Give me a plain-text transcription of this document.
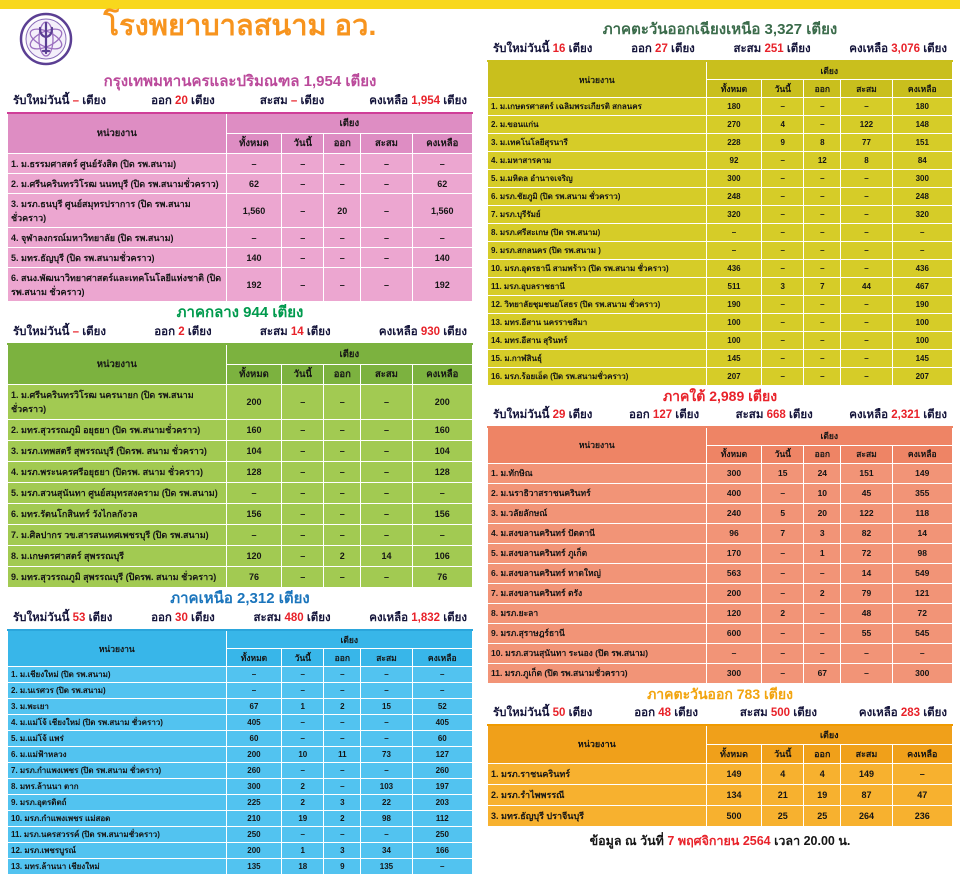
โรงพยาบาลสนาม อว.
กรุงเทพมหานครและปริมณฑล 1,954 เตียง
รับใหม่วันนี้ – เตียง	ออก 20 เตียง	สะสม – เตียง	คงเหลือ 1,954 เตียง
หน่วยงาน	เตียง				
	ทั้งหมด	วันนี้	ออก	สะสม	คงเหลือ
1. ม.ธรรมศาสตร์ ศูนย์รังสิต (ปิด รพ.สนาม)	–	–	–	–	–
2. ม.ศรีนครินทรวิโรฒ นนทบุรี (ปิด รพ.สนามชั่วคราว)	62	–	–	–	62
3. มรภ.ธนบุรี ศูนย์สมุทรปราการ (ปิด รพ.สนามชั่วคราว)	1,560	–	20	–	1,560
4. จุฬาลงกรณ์มหาวิทยาลัย (ปิด รพ.สนาม)	–	–	–	–	–
5. มทร.ธัญบุรี (ปิด รพ.สนามชั่วคราว)	140	–	–	–	140
6. สนง.พัฒนาวิทยาศาสตร์และเทคโนโลยีแห่งชาติ (ปิด รพ.สนาม ชั่วคราว)	192	–	–	–	192
ภาคกลาง 944 เตียง
รับใหม่วันนี้ – เตียง	ออก 2 เตียง	สะสม 14 เตียง	คงเหลือ 930 เตียง
หน่วยงาน	เตียง				
	ทั้งหมด	วันนี้	ออก	สะสม	คงเหลือ
1. ม.ศรีนครินทรวิโรฒ นครนายก (ปิด รพ.สนามชั่วคราว)	200	–	–	–	200
2. มทร.สุวรรณภูมิ อยุธยา (ปิด รพ.สนามชั่วคราว)	160	–	–	–	160
3. มรภ.เทพสตรี สุพรรณบุรี (ปิดรพ. สนาม ชั่วคราว)	104	–	–	–	104
4. มรภ.พระนครศรีอยุธยา (ปิดรพ. สนาม ชั่วคราว)	128	–	–	–	128
5. มรภ.สวนสุนันทา ศูนย์สมุทรสงคราม (ปิด รพ.สนาม)	–	–	–	–	–
6. มทร.รัตนโกสินทร์ วังไกลกังวล	156	–	–	–	156
7. ม.ศิลปากร วข.สารสนเทศเพชรบุรี (ปิด รพ.สนาม)	–	–	–	–	–
8. ม.เกษตรศาสตร์ สุพรรณบุรี	120	–	2	14	106
9. มทร.สุวรรณภูมิ สุพรรณบุรี (ปิดรพ. สนาม ชั่วคราว)	76	–	–	–	76
ภาคเหนือ 2,312 เตียง
รับใหม่วันนี้ 53 เตียง	ออก 30 เตียง	สะสม 480 เตียง	คงเหลือ 1,832 เตียง
หน่วยงาน	เตียง				
	ทั้งหมด	วันนี้	ออก	สะสม	คงเหลือ
1. ม.เชียงใหม่ (ปิด รพ.สนาม)	–	–	–	–	–
2. ม.นเรศวร (ปิด รพ.สนาม)	–	–	–	–	–
3. ม.พะเยา	67	1	2	15	52
4. ม.แม่โจ้ เชียงใหม่ (ปิด รพ.สนาม ชั่วคราว)	405	–	–	–	405
5. ม.แม่โจ้ แพร่	60	–	–	–	60
6. ม.แม่ฟ้าหลวง	200	10	11	73	127
7. มรภ.กำแพงเพชร (ปิด รพ.สนาม ชั่วคราว)	260	–	–	–	260
8. มทร.ล้านนา ตาก	300	2	–	103	197
9. มรภ.อุตรดิตถ์	225	2	3	22	203
10. มรภ.กำแพงเพชร แม่สอด	210	19	2	98	112
11. มรภ.นครสวรรค์ (ปิด รพ.สนามชั่วคราว)	250	–	–	–	250
12. มรภ.เพชรบูรณ์	200	1	3	34	166
13. มทร.ล้านนา เชียงใหม่	135	18	9	135	–
ภาคตะวันออกเฉียงเหนือ 3,327 เตียง
รับใหม่วันนี้ 16 เตียง	ออก 27 เตียง	สะสม 251 เตียง	คงเหลือ 3,076 เตียง
หน่วยงาน	เตียง				
	ทั้งหมด	วันนี้	ออก	สะสม	คงเหลือ
1. ม.เกษตรศาสตร์ เฉลิมพระเกียรติ สกลนคร	180	–	–	–	180
2. ม.ขอนแก่น	270	4	–	122	148
3. ม.เทคโนโลยีสุรนารี	228	9	8	77	151
4. ม.มหาสารคาม	92	–	12	8	84
5. ม.มหิดล อำนาจเจริญ	300	–	–	–	300
6. มรภ.ชัยภูมิ (ปิด รพ.สนาม ชั่วคราว)	248	–	–	–	248
7. มรภ.บุรีรัมย์	320	–	–	–	320
8. มรภ.ศรีสะเกษ (ปิด รพ.สนาม)	–	–	–	–	–
9. มรภ.สกลนคร (ปิด รพ.สนาม )	–	–	–	–	–
10. มรภ.อุดรธานี สามพร้าว (ปิด รพ.สนาม ชั่วคราว)	436	–	–	–	436
11. มรภ.อุบลราชธานี	511	3	7	44	467
12. วิทยาลัยชุมชนยโสธร (ปิด รพ.สนาม ชั่วคราว)	190	–	–	–	190
13. มทร.อีสาน นครราชสีมา	100	–	–	–	100
14. มทร.อีสาน สุรินทร์	100	–	–	–	100
15. ม.กาฬสินธุ์	145	–	–	–	145
16. มรภ.ร้อยเอ็ด (ปิด รพ.สนามชั่วคราว)	207	–	–	–	207
ภาคใต้ 2,989 เตียง
รับใหม่วันนี้ 29 เตียง	ออก 127 เตียง	สะสม 668 เตียง	คงเหลือ 2,321 เตียง
หน่วยงาน	เตียง				
	ทั้งหมด	วันนี้	ออก	สะสม	คงเหลือ
1. ม.ทักษิณ	300	15	24	151	149
2. ม.นราธิวาสราชนครินทร์	400	–	10	45	355
3. ม.วลัยลักษณ์	240	5	20	122	118
4. ม.สงขลานครินทร์ ปัตตานี	96	7	3	82	14
5. ม.สงขลานครินทร์ ภูเก็ต	170	–	1	72	98
6. ม.สงขลานครินทร์ หาดใหญ่	563	–	–	14	549
7. ม.สงขลานครินทร์ ตรัง	200	–	2	79	121
8. มรภ.ยะลา	120	2	–	48	72
9. มรภ.สุราษฎร์ธานี	600	–	–	55	545
10. มรภ.สวนสุนันทา ระนอง (ปิด รพ.สนาม)	–	–	–	–	–
11. มรภ.ภูเก็ต (ปิด รพ.สนามชั่วคราว)	300	–	67	–	300
ภาคตะวันออก 783 เตียง
รับใหม่วันนี้ 50 เตียง	ออก 48 เตียง	สะสม 500 เตียง	คงเหลือ 283 เตียง
หน่วยงาน	เตียง				
	ทั้งหมด	วันนี้	ออก	สะสม	คงเหลือ
1. มรภ.ราชนครินทร์	149	4	4	149	–
2. มรภ.รำไพพรรณี	134	21	19	87	47
3. มทร.ธัญบุรี ปราจีนบุรี	500	25	25	264	236
ข้อมูล ณ วันที่ 7 พฤศจิกายน 2564 เวลา 20.00 น.
